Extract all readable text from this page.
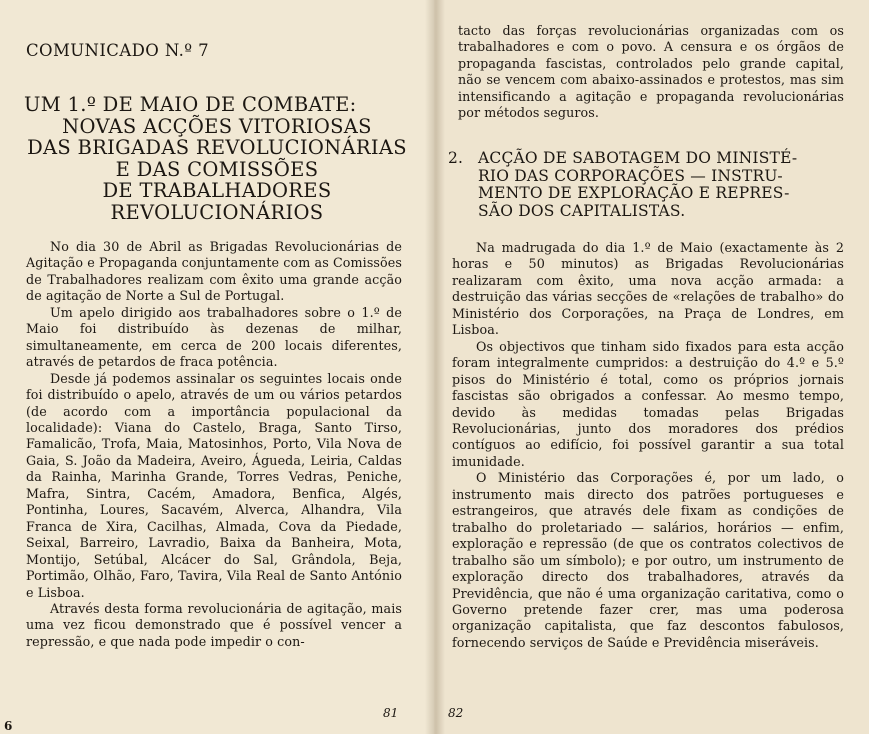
COMUNICADO N.º 7
UM 1.º DE MAIO DE COMBATE:
NOVAS ACÇÕES VITORIOSAS
DAS BRIGADAS REVOLUCIONÁRIAS
E DAS COMISSÕES
DE TRABALHADORES
REVOLUCIONÁRIOS

No dia 30 de Abril as Brigadas Revolucionárias de Agitação e Propaganda conjuntamente com as Comissões de Trabalhadores realizam com êxito uma grande acção de agitação de Norte a Sul de Portugal.

Um apelo dirigido aos trabalhadores sobre o 1.º de Maio foi distribuído às dezenas de milhar, simultaneamente, em cerca de 200 locais diferentes, através de petardos de fraca potência.

Desde já podemos assinalar os seguintes locais onde foi distribuído o apelo, através de um ou vários petardos (de acordo com a importância populacional da localidade): Viana do Castelo, Braga, Santo Tirso, Famalicão, Trofa, Maia, Matosinhos, Porto, Vila Nova de Gaia, S. João da Madeira, Aveiro, Águeda, Leiria, Caldas da Rainha, Marinha Grande, Torres Vedras, Peniche, Mafra, Sintra, Cacém, Amadora, Benfica, Algés, Pontinha, Loures, Sacavém, Alverca, Alhandra, Vila Franca de Xira, Cacilhas, Almada, Cova da Piedade, Seixal, Barreiro, Lavradio, Baixa da Banheira, Mota, Montijo, Setúbal, Alcácer do Sal, Grândola, Beja, Portimão, Olhão, Faro, Tavira, Vila Real de Santo António e Lisboa.

Através desta forma revolucionária de agitação, mais uma vez ficou demonstrado que é possível vencer a repressão, e que nada pode impedir o con-

81
6

tacto das forças revolucionárias organizadas com os trabalhadores e com o povo. A censura e os órgãos de propaganda fascistas, controlados pelo grande capital, não se vencem com abaixo-assinados e protestos, mas sim intensificando a agitação e propaganda revolucionárias por métodos seguros.

2. ACÇÃO DE SABOTAGEM DO MINISTÉ-
RIO DAS CORPORAÇÕES — INSTRU-
MENTO DE EXPLORAÇÃO E REPRES-
SÃO DOS CAPITALISTAS.

Na madrugada do dia 1.º de Maio (exactamente às 2 horas e 50 minutos) as Brigadas Revolucionárias realizaram com êxito, uma nova acção armada: a destruição das várias secções de «relações de trabalho» do Ministério dos Corporações, na Praça de Londres, em Lisboa.

Os objectivos que tinham sido fixados para esta acção foram integralmente cumpridos: a destruição do 4.º e 5.º pisos do Ministério é total, como os próprios jornais fascistas são obrigados a confessar. Ao mesmo tempo, devido às medidas tomadas pelas Brigadas Revolucionárias, junto dos moradores dos prédios contíguos ao edifício, foi possível garantir a sua total imunidade.

O Ministério das Corporações é, por um lado, o instrumento mais directo dos patrões portugueses e estrangeiros, que através dele fixam as condições de trabalho do proletariado — salários, horários — enfim, exploração e repressão (de que os contratos colectivos de trabalho são um símbolo); e por outro, um instrumento de exploração directo dos trabalhadores, através da Previdência, que não é uma organização caritativa, como o Governo pretende fazer crer, mas uma poderosa organização capitalista, que faz descontos fabulosos, fornecendo serviços de Saúde e Previdência miseráveis.

82
